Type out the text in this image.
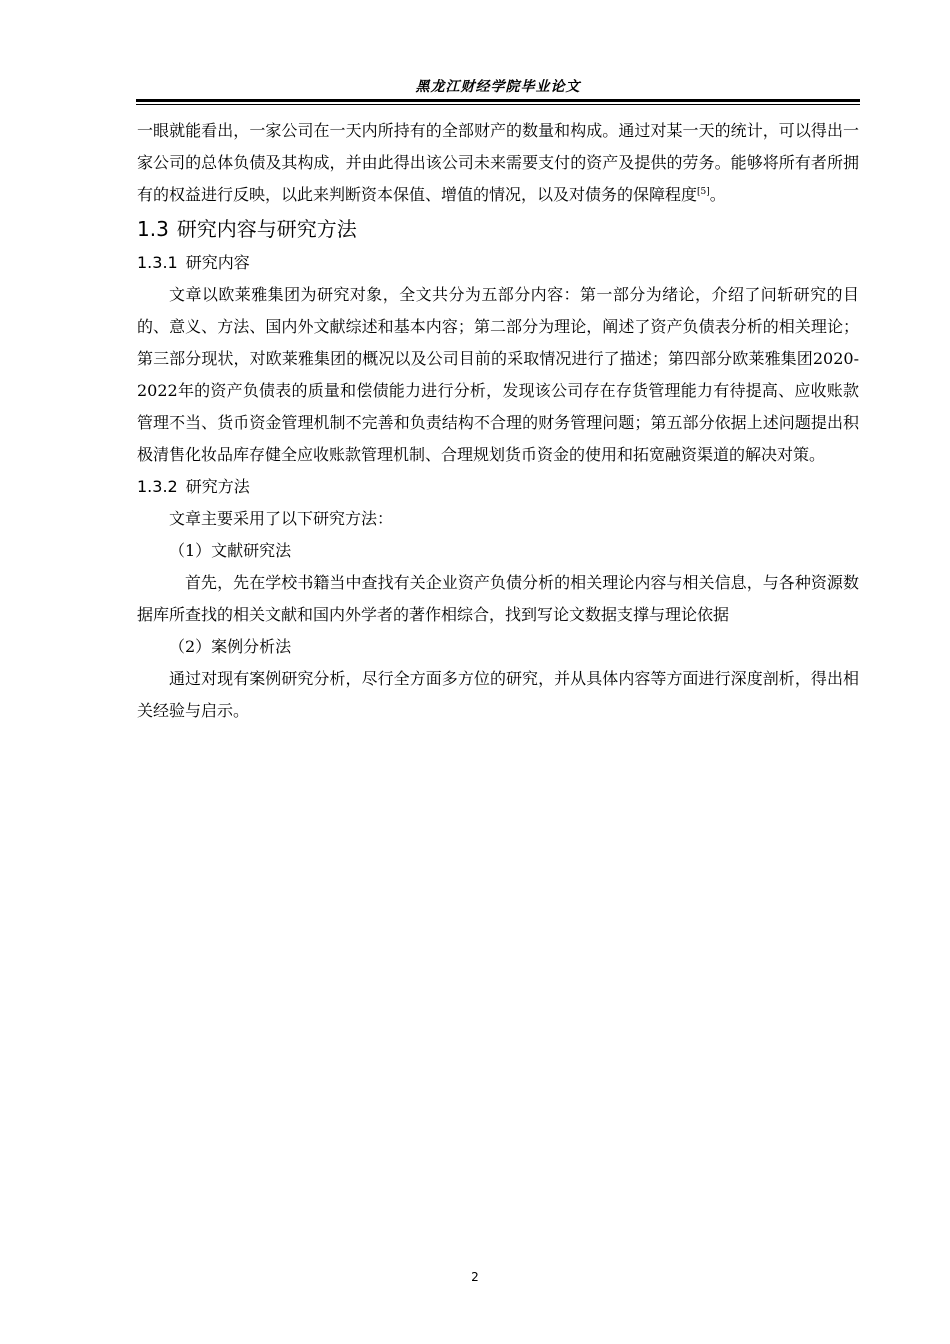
黑龙江财经学院毕业论文

一眼就能看出，一家公司在一天内所持有的全部财产的数量和构成。通过对某一天的统计，可以得出一家公司的总体负债及其构成，并由此得出该公司未来需要支付的资产及提供的劳务。能够将所有者所拥有的权益进行反映，以此来判断资本保值、增值的情况，以及对债务的保障程度[5]。

1.3 研究内容与研究方法
1.3.1 研究内容

文章以欧莱雅集团为研究对象，全文共分为五部分内容：第一部分为绪论，介绍了问斩研究的目的、意义、方法、国内外文献综述和基本内容；第二部分为理论，阐述了资产负债表分析的相关理论；第三部分现状，对欧莱雅集团的概况以及公司目前的采取情况进行了描述；第四部分欧莱雅集团2020-2022年的资产负债表的质量和偿债能力进行分析，发现该公司存在存货管理能力有待提高、应收账款管理不当、货币资金管理机制不完善和负责结构不合理的财务管理问题；第五部分依据上述问题提出积极清售化妆品库存健全应收账款管理机制、合理规划货币资金的使用和拓宽融资渠道的解决对策。

1.3.2 研究方法

文章主要采用了以下研究方法：

（1）文献研究法

首先，先在学校书籍当中查找有关企业资产负债分析的相关理论内容与相关信息，与各种资源数据库所查找的相关文献和国内外学者的著作相综合，找到写论文数据支撑与理论依据

（2）案例分析法

通过对现有案例研究分析，尽行全方面多方位的研究，并从具体内容等方面进行深度剖析，得出相关经验与启示。

2
